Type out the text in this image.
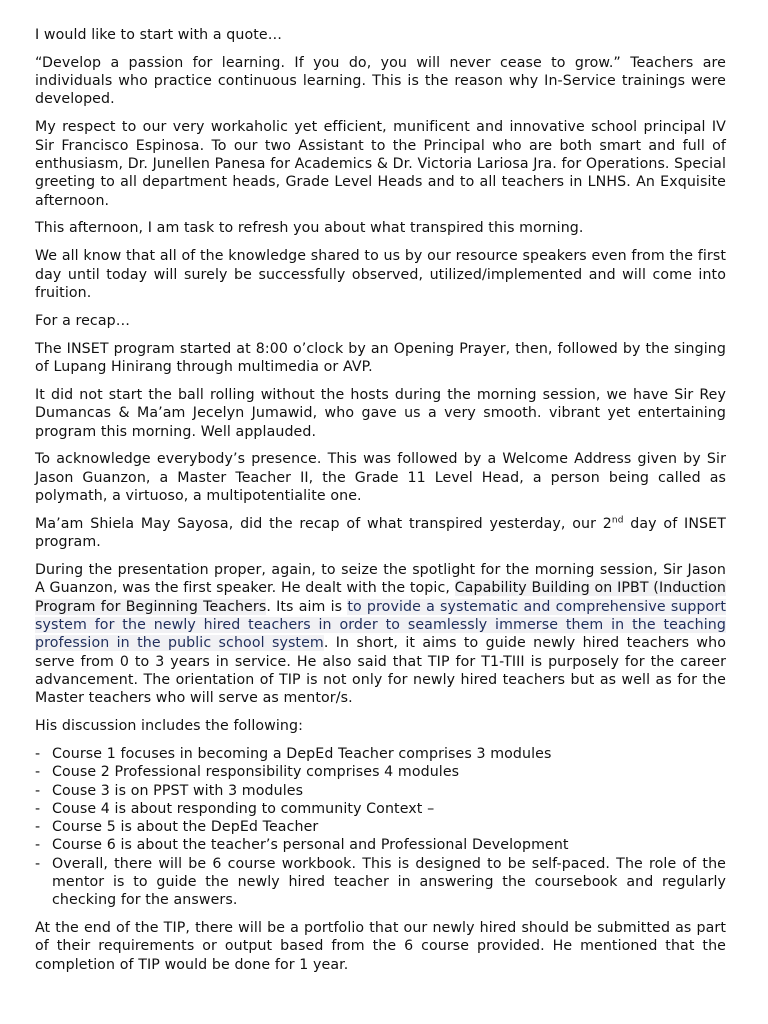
I would like to start with a quote…

“Develop a passion for learning. If you do, you will never cease to grow.” Teachers are individuals who practice continuous learning. This is the reason why In-Service trainings were developed.

My respect to our very workaholic yet efficient, munificent and innovative school principal IV Sir Francisco Espinosa. To our two Assistant to the Principal who are both smart and full of enthusiasm, Dr. Junellen Panesa for Academics & Dr. Victoria Lariosa Jra. for Operations. Special greeting to all department heads, Grade Level Heads and to all teachers in LNHS. An Exquisite afternoon.

This afternoon, I am task to refresh you about what transpired this morning.

We all know that all of the knowledge shared to us by our resource speakers even from the first day until today will surely be successfully observed, utilized/implemented and will come into fruition.

For a recap…

The INSET program started at 8:00 o’clock by an Opening Prayer, then, followed by the singing of Lupang Hinirang through multimedia or AVP.

It did not start the ball rolling without the hosts during the morning session, we have Sir Rey Dumancas & Ma’am Jecelyn Jumawid, who gave us a very smooth. vibrant yet entertaining program this morning. Well applauded.

To acknowledge everybody’s presence. This was followed by a Welcome Address given by Sir Jason Guanzon, a Master Teacher II, the Grade 11 Level Head, a person being called as polymath, a virtuoso, a multipotentialite one.

Ma’am Shiela May Sayosa, did the recap of what transpired yesterday, our 2nd day of INSET program.

During the presentation proper, again, to seize the spotlight for the morning session, Sir Jason A Guanzon, was the first speaker. He dealt with the topic, Capability Building on IPBT (Induction Program for Beginning Teachers. Its aim is to provide a systematic and comprehensive support system for the newly hired teachers in order to seamlessly immerse them in the teaching profession in the public school system. In short, it aims to guide newly hired teachers who serve from 0 to 3 years in service. He also said that TIP for T1-TIII is purposely for the career advancement. The orientation of TIP is not only for newly hired teachers but as well as for the Master teachers who will serve as mentor/s.

His discussion includes the following:

- Course 1 focuses in becoming a DepEd Teacher comprises 3 modules
- Couse 2 Professional responsibility comprises 4 modules
- Couse 3 is on PPST with 3 modules
- Couse 4 is about responding to community Context –
- Course 5 is about the DepEd Teacher
- Course 6 is about the teacher’s personal and Professional Development
- Overall, there will be 6 course workbook. This is designed to be self-paced. The role of the mentor is to guide the newly hired teacher in answering the coursebook and regularly checking for the answers.

At the end of the TIP, there will be a portfolio that our newly hired should be submitted as part of their requirements or output based from the 6 course provided. He mentioned that the completion of TIP would be done for 1 year.
